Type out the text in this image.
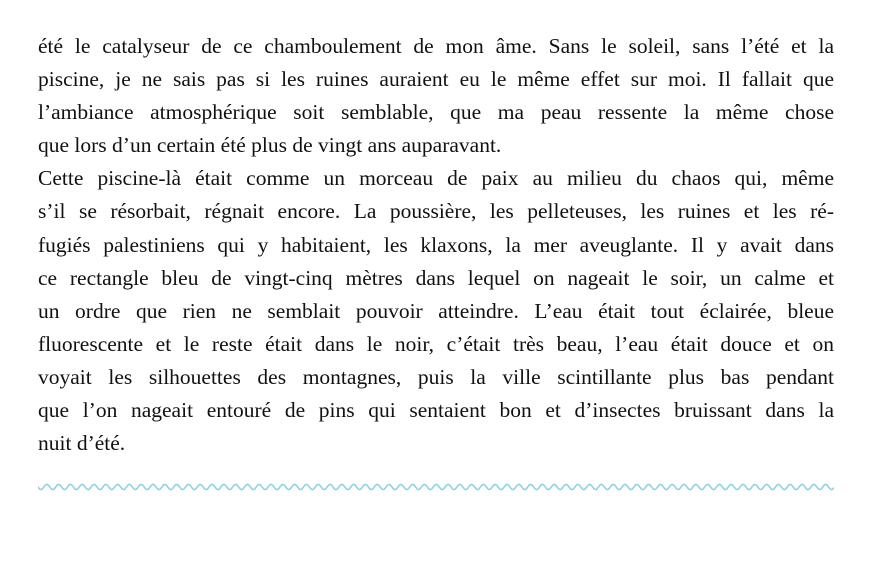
été le catalyseur de ce chamboulement de mon âme. Sans le soleil, sans l’été et la
piscine, je ne sais pas si les ruines auraient eu le même effet sur moi. Il fallait que
l’ambiance atmosphérique soit semblable, que ma peau ressente la même chose
que lors d’un certain été plus de vingt ans auparavant.

Cette piscine-là était comme un morceau de paix au milieu du chaos qui, même
s’il se résorbait, régnait encore. La poussière, les pelleteuses, les ruines et les ré-
fugiés palestiniens qui y habitaient, les klaxons, la mer aveuglante. Il y avait dans
ce rectangle bleu de vingt-cinq mètres dans lequel on nageait le soir, un calme et
un ordre que rien ne semblait pouvoir atteindre. L’eau était tout éclairée, bleue
fluorescente et le reste était dans le noir, c’était très beau, l’eau était douce et on
voyait les silhouettes des montagnes, puis la ville scintillante plus bas pendant
que l’on nageait entouré de pins qui sentaient bon et d’insectes bruissant dans la
nuit d’été.
